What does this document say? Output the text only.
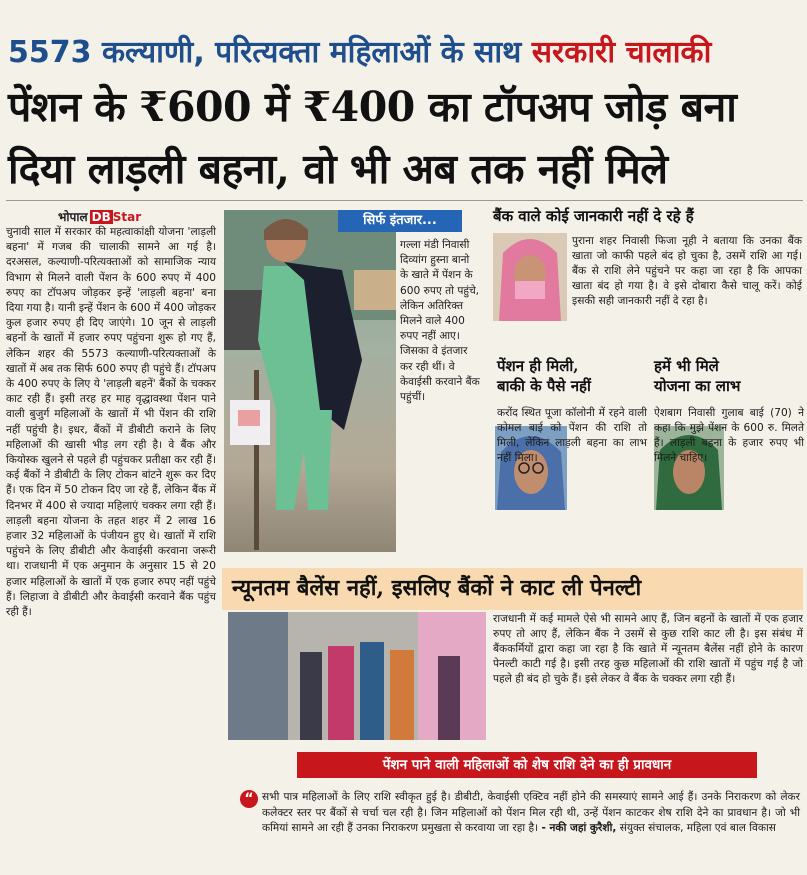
5573 कल्याणी, परित्यक्ता महिलाओं के साथ सरकारी चालाकी
पेंशन के ₹600 में ₹400 का टॉपअप जोड़ बना
दिया लाड़ली बहना, वो भी अब तक नहीं मिले
भोपाल DB Star
चुनावी साल में सरकार की महत्वाकांक्षी योजना 'लाड़ली बहना' में गजब की चालाकी सामने आ गई है। दरअसल, कल्याणी-परित्यक्ताओं को सामाजिक न्याय विभाग से मिलने वाली पेंशन के 600 रुपए में 400 रुपए का टॉपअप जोड़कर इन्हें 'लाड़ली बहना' बना दिया गया है। यानी इन्हें पेंशन के 600 में 400 जोड़कर कुल हजार रुपए ही दिए जाएंगे। 10 जून से लाड़ली बहनों के खातों में हजार रुपए पहुंचना शुरू हो गए हैं, लेकिन शहर की 5573 कल्याणी-परित्यक्ताओं के खातों में अब तक सिर्फ 600 रुपए ही पहुंचे हैं। टॉपअप के 400 रुपए के लिए ये 'लाड़ली बहनें' बैंकों के चक्कर काट रही हैं। इसी तरह हर माह वृद्धावस्था पेंशन पाने वाली बुजुर्ग महिलाओं के खातों में भी पेंशन की राशि नहीं पहुंची है। इधर, बैंकों में डीबीटी कराने के लिए महिलाओं की खासी भीड़ लग रही है। वे बैंक और कियोस्क खुलने से पहले ही पहुंचकर प्रतीक्षा कर रही हैं। कई बैंकों ने डीबीटी के लिए टोकन बांटने शुरू कर दिए हैं। एक दिन में 50 टोकन दिए जा रहे हैं, लेकिन बैंक में दिनभर में 400 से ज्यादा महिलाएं चक्कर लगा रही हैं। लाड़ली बहना योजना के तहत शहर में 2 लाख 16 हजार 32 महिलाओं के पंजीयन हुए थे। खातों में राशि पहुंचने के लिए डीबीटी और केवाईसी करवाना जरूरी था। राजधानी में एक अनुमान के अनुसार 15 से 20 हजार महिलाओं के खातों में एक हजार रुपए नहीं पहुंचे हैं। लिहाजा वे डीबीटी और केवाईसी करवाने बैंक पहुंच रही हैं।
सिर्फ इंतजार...
गल्ला मंडी निवासी दिव्यांग हुस्ना बानो के खाते में पेंशन के 600 रुपए तो पहुंचे, लेकिन अतिरिक्त मिलने वाले 400 रुपए नहीं आए। जिसका वे इंतजार कर रही थीं। वे केवाईसी करवाने बैंक पहुंचीं।
बैंक वाले कोई जानकारी नहीं दे रहे हैं
पुराना शहर निवासी फिजा नूही ने बताया कि उनका बैंक खाता जो काफी पहले बंद हो चुका है, उसमें राशि आ गई। बैंक से राशि लेने पहुंचने पर कहा जा रहा है कि आपका खाता बंद हो गया है। वे इसे दोबारा कैसे चालू करें। कोई इसकी सही जानकारी नहीं दे रहा है।
पेंशन ही मिली,
बाकी के पैसे नहीं
करोंद स्थित पूजा कॉलोनी में रहने वाली कोमल बाई को पेंशन की राशि तो मिली, लेकिन लाड़ली बहना का लाभ नहीं मिला।
हमें भी मिले
योजना का लाभ
ऐशबाग निवासी गुलाब बाई (70) ने कहा कि मुझे पेंशन के 600 रु. मिलते हैं। लाड़ली बहना के हजार रुपए भी मिलने चाहिए।
न्यूनतम बैलेंस नहीं, इसलिए बैंकों ने काट ली पेनल्टी
राजधानी में कई मामले ऐसे भी सामने आए हैं, जिन बहनों के खातों में एक हजार रुपए तो आए हैं, लेकिन बैंक ने उसमें से कुछ राशि काट ली है। इस संबंध में बैंककर्मियों द्वारा कहा जा रहा है कि खाते में न्यूनतम बैलेंस नहीं होने के कारण पेनल्टी काटी गई है। इसी तरह कुछ महिलाओं की राशि खातों में पहुंच गई है जो पहले ही बंद हो चुके हैं। इसे लेकर वे बैंक के चक्कर लगा रही हैं।
पेंशन पाने वाली महिलाओं को शेष राशि देने का ही प्रावधान
“ सभी पात्र महिलाओं के लिए राशि स्वीकृत हुई है। डीबीटी, केवाईसी एक्टिव नहीं होने की समस्याएं सामने आई हैं। उनके निराकरण को लेकर कलेक्टर स्तर पर बैंकों से चर्चा चल रही है। जिन महिलाओं को पेंशन मिल रही थी, उन्हें पेंशन काटकर शेष राशि देने का प्रावधान है। जो भी कमियां सामने आ रही हैं उनका निराकरण प्रमुखता से करवाया जा रहा है। - नकी जहां कुरैशी, संयुक्त संचालक, महिला एवं बाल विकास
